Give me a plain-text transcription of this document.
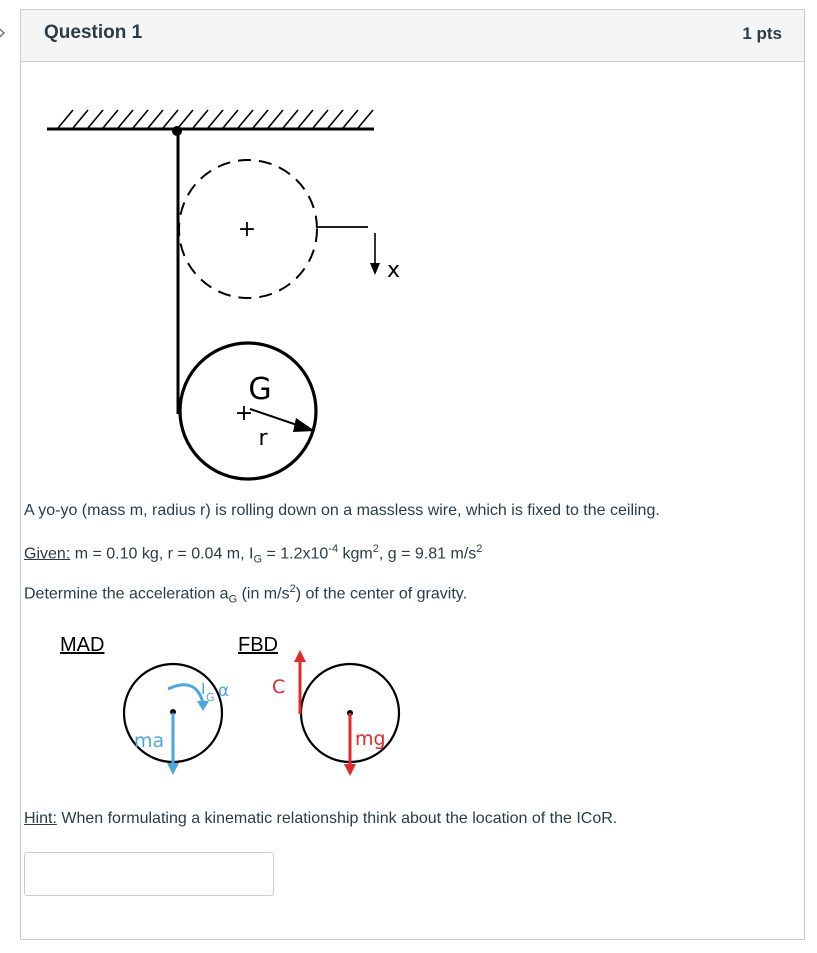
Question 1	1 pts
+
x
G
+
r
A yo-yo (mass m, radius r) is rolling down on a massless wire, which is fixed to the ceiling.
Given: m = 0.10 kg, r = 0.04 m, $I_G = 1.2x10^{-4}$ kgm$^2$, g = 9.81 $m/s^2$
Determine the acceleration $a_G$ (in $m/s^2$) of the center of gravity.
MAD	FBD
ma
I G α C
mg
Hint: When formulating a kinematic relationship think about the location of the ICoR.
